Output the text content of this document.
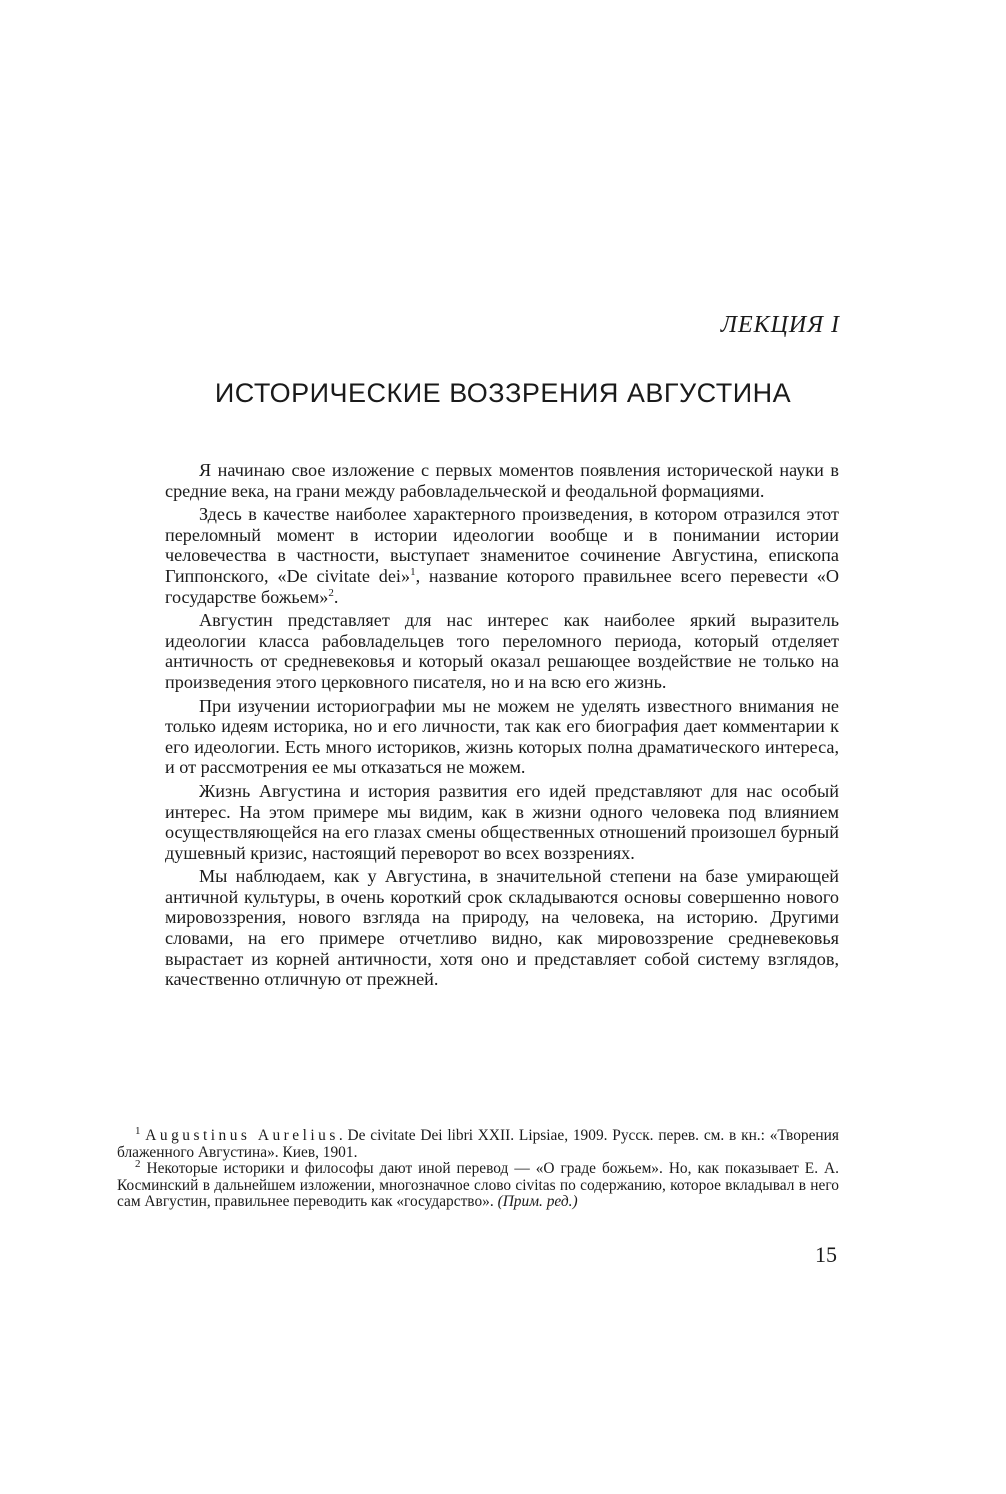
ЛЕКЦИЯ I
ИСТОРИЧЕСКИЕ ВОЗЗРЕНИЯ АВГУСТИНА

Я начинаю свое изложение с первых моментов появления исторической науки в средние века, на грани между рабовладельческой и феодальной формациями.

Здесь в качестве наиболее характерного произведения, в котором отразился этот переломный момент в истории идеологии вообще и в понимании истории человечества в частности, выступает знаменитое сочинение Августина, епископа Гиппонского, «De civitate dei»$^1$, название которого правильнее всего перевести «О государстве божьем»$^2$.

Августин представляет для нас интерес как наиболее яркий выразитель идеологии класса рабовладельцев того переломного периода, который отделяет античность от средневековья и который оказал решающее воздействие не только на произведения этого церковного писателя, но и на всю его жизнь.

При изучении историографии мы не можем не уделять известного внимания не только идеям историка, но и его личности, так как его биография дает комментарии к его идеологии. Есть много историков, жизнь которых полна драматического интереса, и от рассмотрения ее мы отказаться не можем.

Жизнь Августина и история развития его идей представляют для нас особый интерес. На этом примере мы видим, как в жизни одного человека под влиянием осуществляющейся на его глазах смены общественных отношений произошел бурный душевный кризис, настоящий переворот во всех воззрениях.

Мы наблюдаем, как у Августина, в значительной степени на базе умирающей античной культуры, в очень короткий срок складываются основы совершенно нового мировоззрения, нового взгляда на природу, на человека, на историю. Другими словами, на его примере отчетливо видно, как мировоззрение средневековья вырастает из корней античности, хотя оно и представляет собой систему взглядов, качественно отличную от прежней.

$^1$ Augustinus Aurelius. De civitate Dei libri XXII. Lipsiae, 1909. Русск. перев. см. в кн.: «Творения блаженного Августина». Киев, 1901.

$^2$ Некоторые историки и философы дают иной перевод — «О граде божьем». Но, как показывает Е. А. Косминский в дальнейшем изложении, многозначное слово civitas по содержанию, которое вкладывал в него сам Августин, правильнее переводить как «государство». (Прим. ред.)

15
